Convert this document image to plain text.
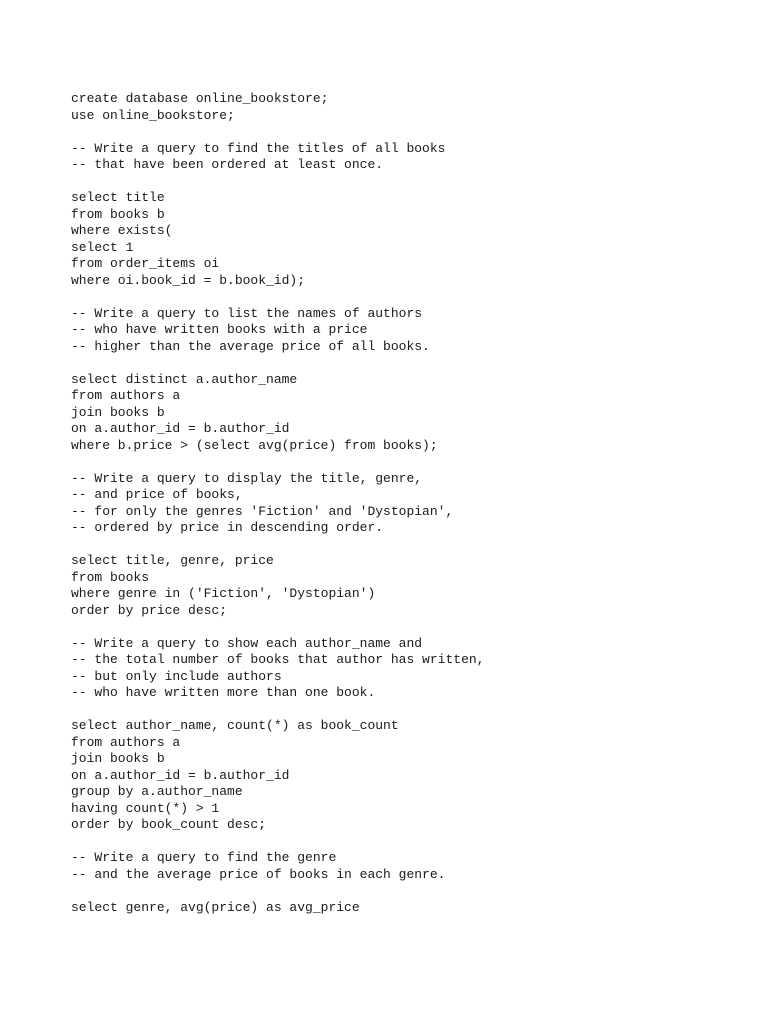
create database online_bookstore;
use online_bookstore;
-- Write a query to find the titles of all books
-- that have been ordered at least once.
select title
from books b
where exists(
select 1
from order_items oi
where oi.book_id = b.book_id);
-- Write a query to list the names of authors
-- who have written books with a price
-- higher than the average price of all books.
select distinct a.author_name
from authors a
join books b
on a.author_id = b.author_id
where b.price > (select avg(price) from books);
-- Write a query to display the title, genre,
-- and price of books,
-- for only the genres 'Fiction' and 'Dystopian',
-- ordered by price in descending order.
select title, genre, price
from books
where genre in ('Fiction', 'Dystopian')
order by price desc;
-- Write a query to show each author_name and
-- the total number of books that author has written,
-- but only include authors
-- who have written more than one book.
select author_name, count(*) as book_count
from authors a
join books b
on a.author_id = b.author_id
group by a.author_name
having count(*) > 1
order by book_count desc;
-- Write a query to find the genre
-- and the average price of books in each genre.
select genre, avg(price) as avg_price
